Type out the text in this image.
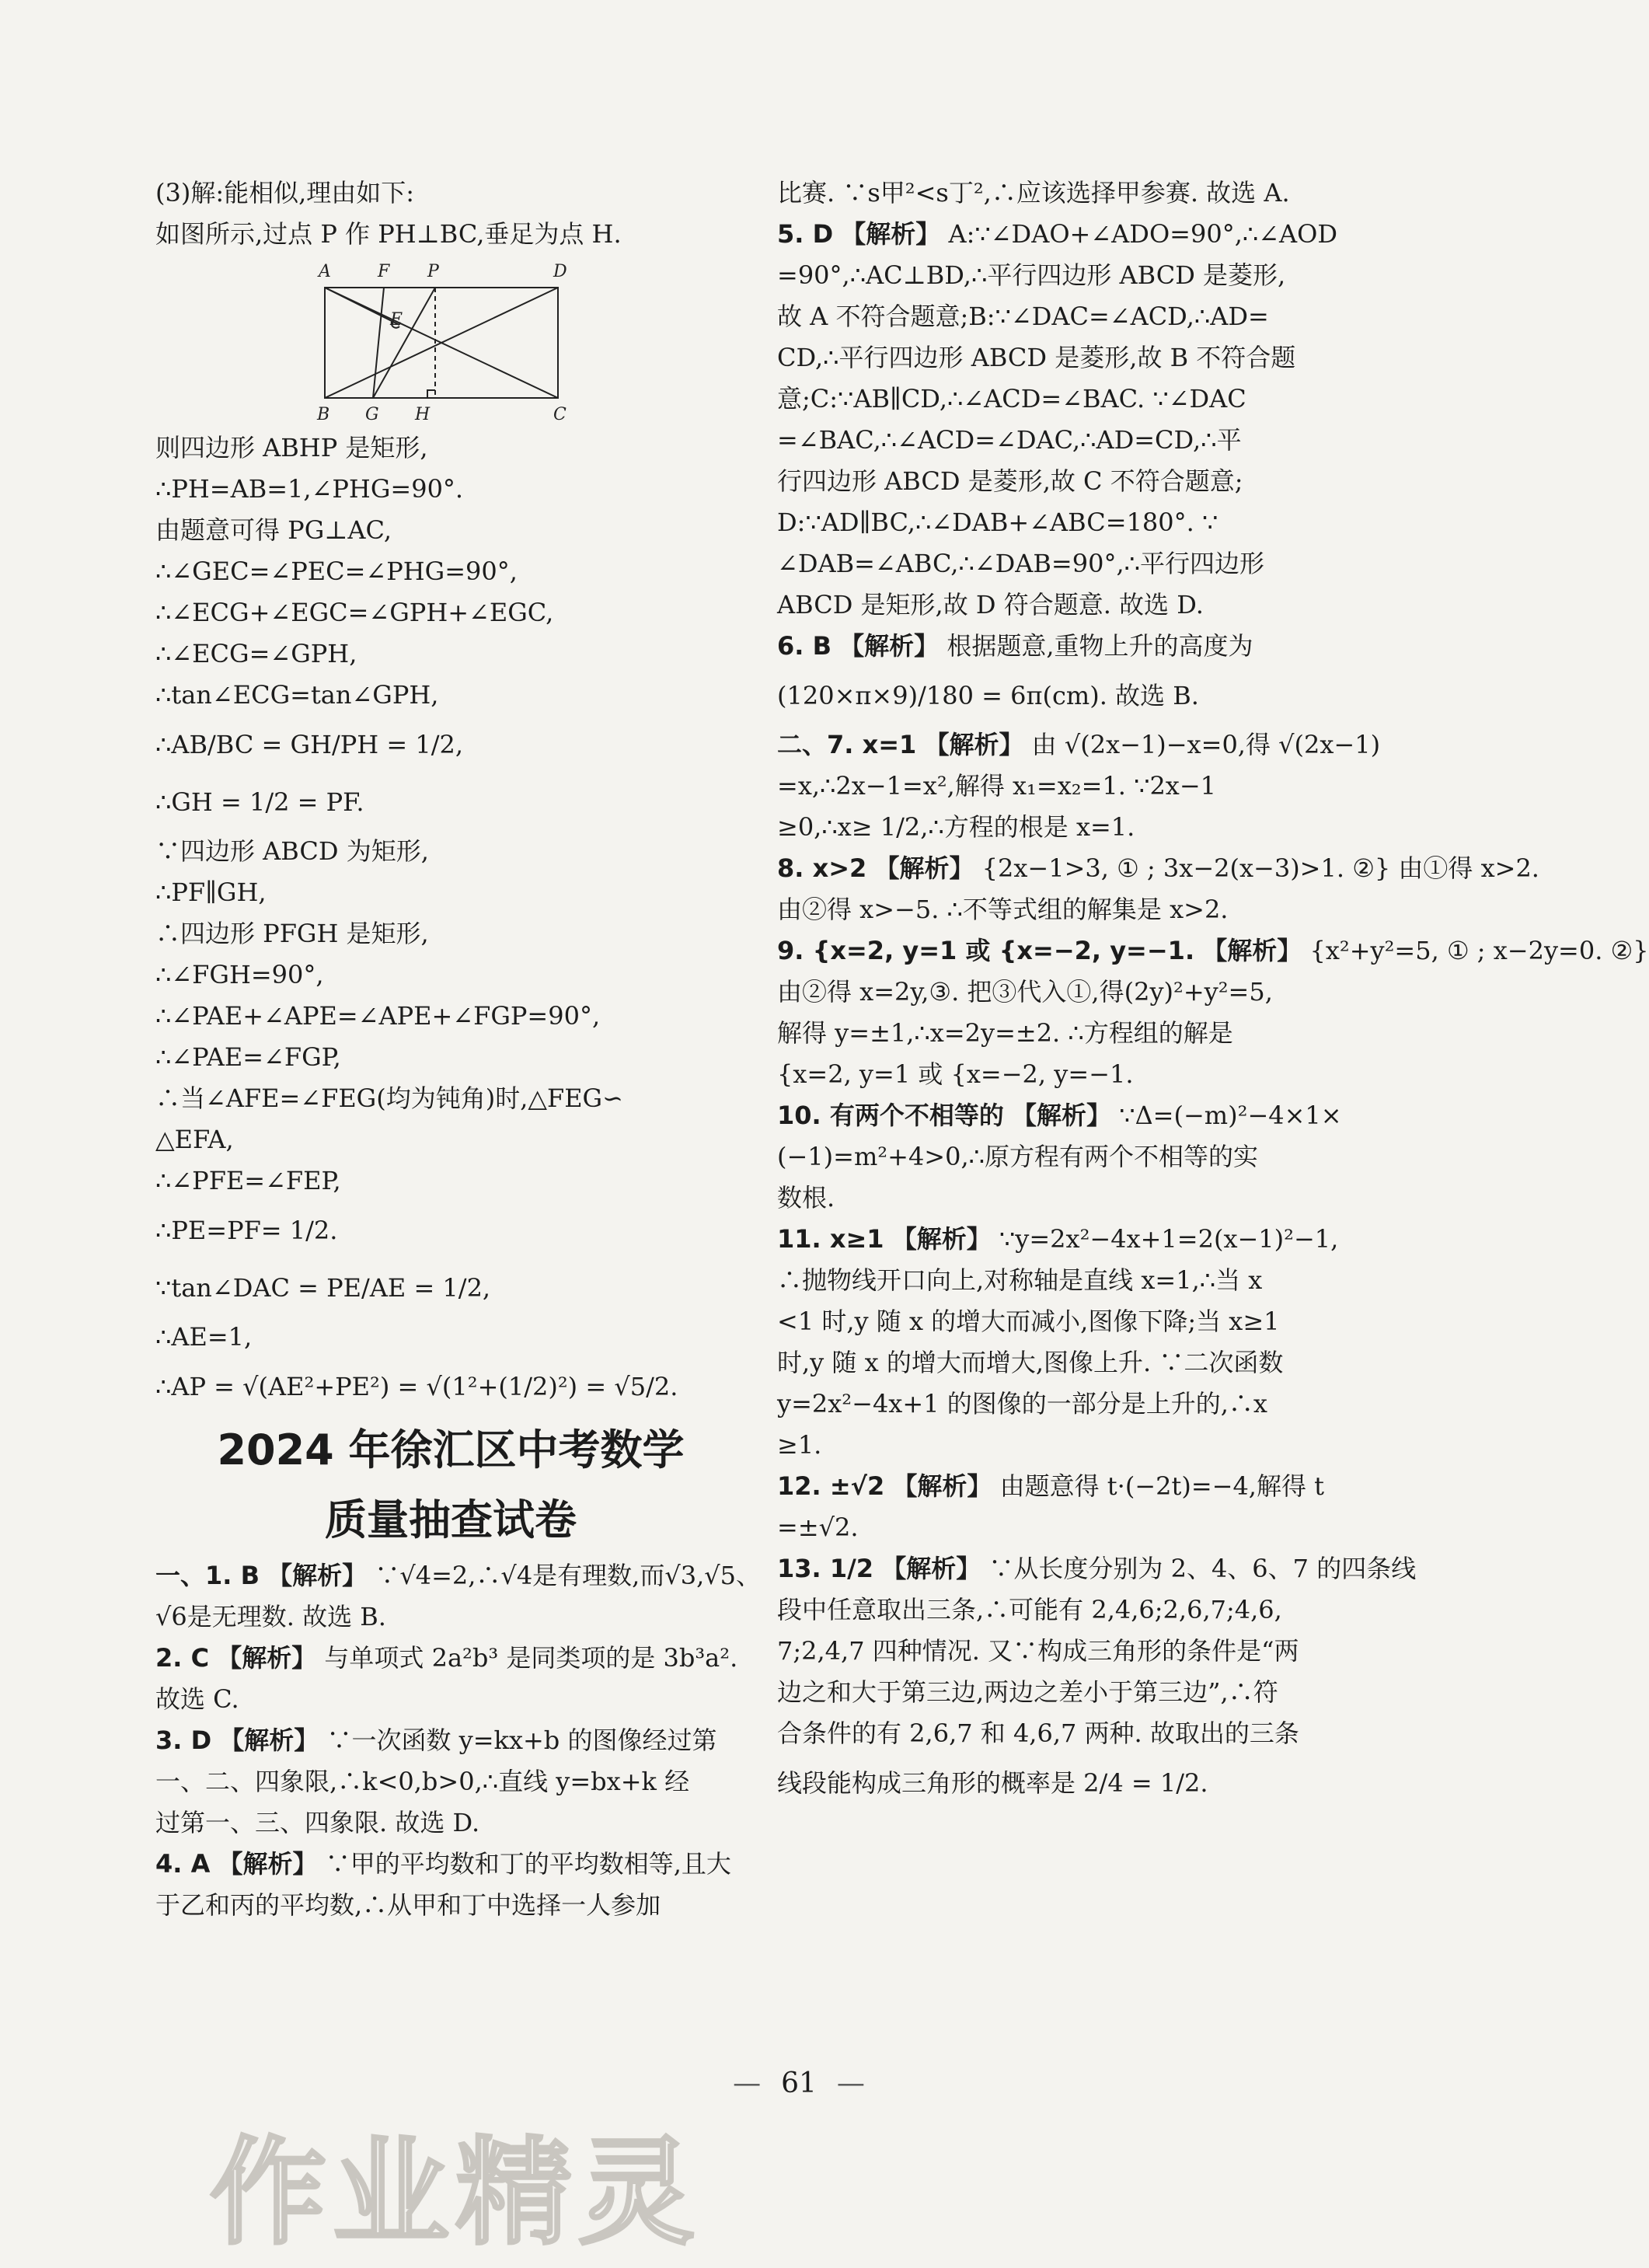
(3)解:能相似,理由如下:
如图所示,过点 P 作 PH⊥BC,垂足为点 H.
A	F P	D
E
B G H	C
则四边形 ABHP 是矩形,
∴PH=AB=1,∠PHG=90°.
由题意可得 PG⊥AC,
∴∠GEC=∠PEC=∠PHG=90°,
∴∠ECG+∠EGC=∠GPH+∠EGC,
∴∠ECG=∠GPH,
∴tan∠ECG=tan∠GPH,
∴AB/BC = GH/PH = 1/2,
∴GH = 1/2 = PF.
∵四边形 ABCD 为矩形,
∴PF∥GH,
∴四边形 PFGH 是矩形,
∴∠FGH=90°,
∴∠PAE+∠APE=∠APE+∠FGP=90°,
∴∠PAE=∠FGP,
∴当∠AFE=∠FEG(均为钝角)时,△FEG∽
△EFA,
∴∠PFE=∠FEP,
∴PE=PF= 1/2.
∵tan∠DAC = PE/AE = 1/2,
∴AE=1,
∴AP = √(AE²+PE²) = √(1²+(1/2)²) = √5/2.
2024 年徐汇区中考数学
质量抽查试卷
一、1. B 【解析】 ∵√4=2,∴√4是有理数,而√3,√5、
√6是无理数. 故选 B.
2. C 【解析】 与单项式 2a²b³ 是同类项的是 3b³a².
故选 C.
3. D 【解析】 ∵一次函数 y=kx+b 的图像经过第
一、二、四象限,∴k<0,b>0,∴直线 y=bx+k 经
过第一、三、四象限. 故选 D.
4. A 【解析】 ∵甲的平均数和丁的平均数相等,且大
于乙和丙的平均数,∴从甲和丁中选择一人参加
比赛. ∵s甲²<s丁²,∴应该选择甲参赛. 故选 A.
5. D 【解析】 A:∵∠DAO+∠ADO=90°,∴∠AOD
=90°,∴AC⊥BD,∴平行四边形 ABCD 是菱形,
故 A 不符合题意;B:∵∠DAC=∠ACD,∴AD=
CD,∴平行四边形 ABCD 是菱形,故 B 不符合题
意;C:∵AB∥CD,∴∠ACD=∠BAC. ∵∠DAC
=∠BAC,∴∠ACD=∠DAC,∴AD=CD,∴平
行四边形 ABCD 是菱形,故 C 不符合题意;
D:∵AD∥BC,∴∠DAB+∠ABC=180°. ∵
∠DAB=∠ABC,∴∠DAB=90°,∴平行四边形
ABCD 是矩形,故 D 符合题意. 故选 D.
6. B 【解析】 根据题意,重物上升的高度为
(120×π×9)/180 = 6π(cm). 故选 B.
二、7. x=1 【解析】 由 √(2x−1)−x=0,得 √(2x−1)
=x,∴2x−1=x²,解得 x₁=x₂=1. ∵2x−1
≥0,∴x≥ 1/2,∴方程的根是 x=1.
8. x>2 【解析】 {2x−1>3, ① ; 3x−2(x−3)>1. ②} 由①得 x>2.
由②得 x>−5. ∴不等式组的解集是 x>2.
9. {x=2, y=1 或 {x=−2, y=−1. 【解析】 {x²+y²=5, ① ; x−2y=0. ②}
由②得 x=2y,③. 把③代入①,得(2y)²+y²=5,
解得 y=±1,∴x=2y=±2. ∴方程组的解是
{x=2, y=1 或 {x=−2, y=−1.
10. 有两个不相等的 【解析】 ∵Δ=(−m)²−4×1×
(−1)=m²+4>0,∴原方程有两个不相等的实
数根.
11. x≥1 【解析】 ∵y=2x²−4x+1=2(x−1)²−1,
∴抛物线开口向上,对称轴是直线 x=1,∴当 x
<1 时,y 随 x 的增大而减小,图像下降;当 x≥1
时,y 随 x 的增大而增大,图像上升. ∵二次函数
y=2x²−4x+1 的图像的一部分是上升的,∴x
≥1.
12. ±√2 【解析】 由题意得 t·(−2t)=−4,解得 t
=±√2.
13. 1/2 【解析】 ∵从长度分别为 2、4、6、7 的四条线
段中任意取出三条,∴可能有 2,4,6;2,6,7;4,6,
7;2,4,7 四种情况. 又∵构成三角形的条件是“两
边之和大于第三边,两边之差小于第三边”,∴符
合条件的有 2,6,7 和 4,6,7 两种. 故取出的三条
线段能构成三角形的概率是 2/4 = 1/2.
— 61 —
作业精灵
